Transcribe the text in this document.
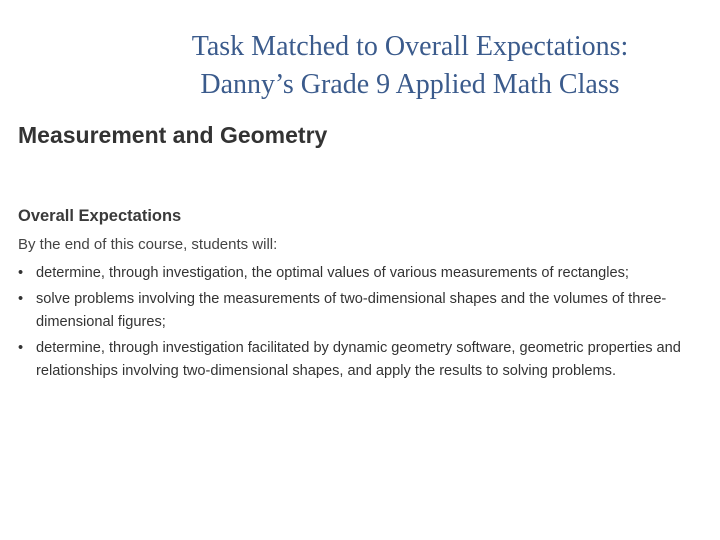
Task Matched to Overall Expectations:
Danny’s Grade 9 Applied Math Class
Measurement and Geometry
Overall Expectations

By the end of this course, students will:

• determine, through investigation, the optimal values of various measurements of rectangles;
• solve problems involving the measurements of two-dimensional shapes and the volumes of three-dimensional figures;
• determine, through investigation facilitated by dynamic geometry software, geometric properties and relationships involving two-dimensional shapes, and apply the results to solving problems.
